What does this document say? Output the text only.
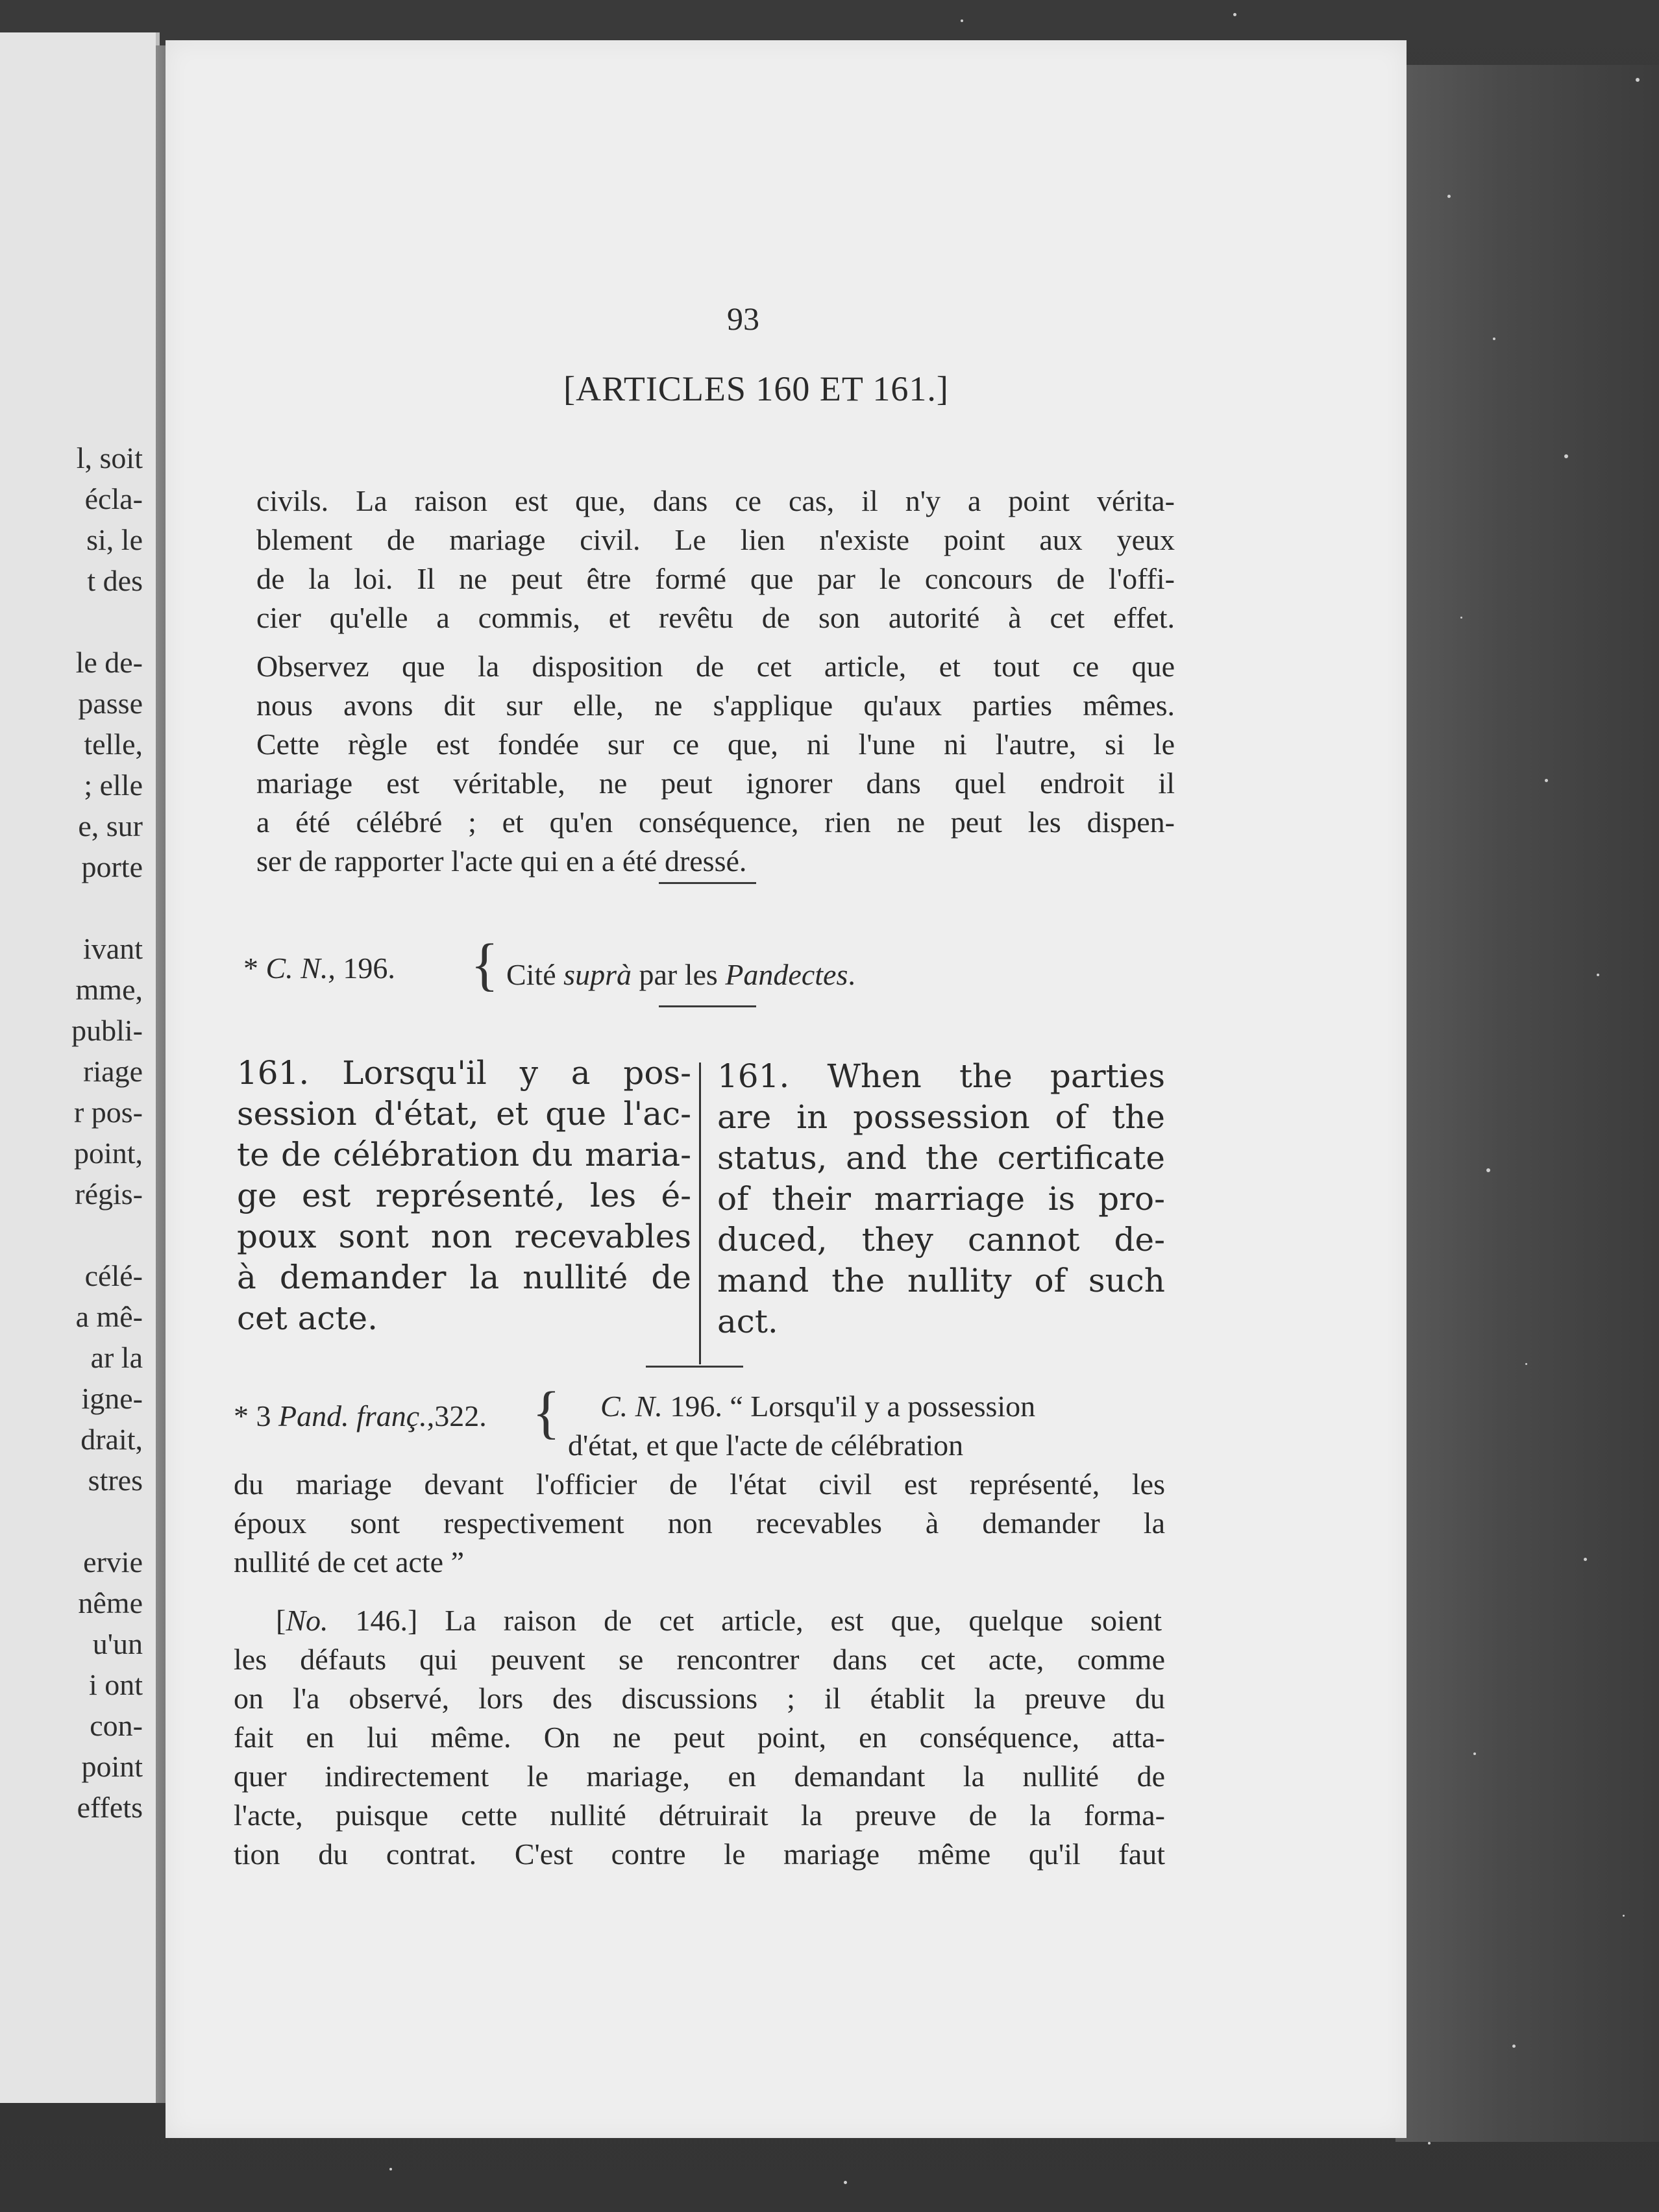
l, soit
écla-
si, le
t des
le de-
passe
telle,
; elle
e, sur
porte
ivant
mme,
publi-
riage
r pos-
point,
régis-
célé-
a mê-
ar la
igne-
drait,
stres
ervie
nême
u'un
i ont
con-
point
effets
93
[ARTICLES 160 ET 161.]
civils. La raison est que, dans ce cas, il n'y a point vérita-
blement de mariage civil. Le lien n'existe point aux yeux
de la loi. Il ne peut être formé que par le concours de l'offi-
cier qu'elle a commis, et revêtu de son autorité à cet effet.
Observez que la disposition de cet article, et tout ce que
nous avons dit sur elle, ne s'applique qu'aux parties mêmes.
Cette règle est fondée sur ce que, ni l'une ni l'autre, si le
mariage est véritable, ne peut ignorer dans quel endroit il
a été célébré ; et qu'en conséquence, rien ne peut les dispen-
ser de rapporter l'acte qui en a été dressé.
* C. N., 196. { Cité suprà par les Pandectes.
161. Lorsqu'il y a pos-
session d'état, et que l'ac-
te de célébration du maria-
ge est représenté, les é-
poux sont non recevables
à demander la nullité de
cet acte.
161. When the parties
are in possession of the
status, and the certificate
of their marriage is pro-
duced, they cannot de-
mand the nullity of such
act.
* 3 Pand. franç.,322. { C. N. 196. “ Lorsqu'il y a possession
d'état, et que l'acte de célébration
du mariage devant l'officier de l'état civil est représenté, les
époux sont respectivement non recevables à demander la
nullité de cet acte ”
[No. 146.] La raison de cet article, est que, quelque soient
les défauts qui peuvent se rencontrer dans cet acte, comme
on l'a observé, lors des discussions ; il établit la preuve du
fait en lui même. On ne peut point, en conséquence, atta-
quer indirectement le mariage, en demandant la nullité de
l'acte, puisque cette nullité détruirait la preuve de la forma-
tion du contrat. C'est contre le mariage même qu'il faut
